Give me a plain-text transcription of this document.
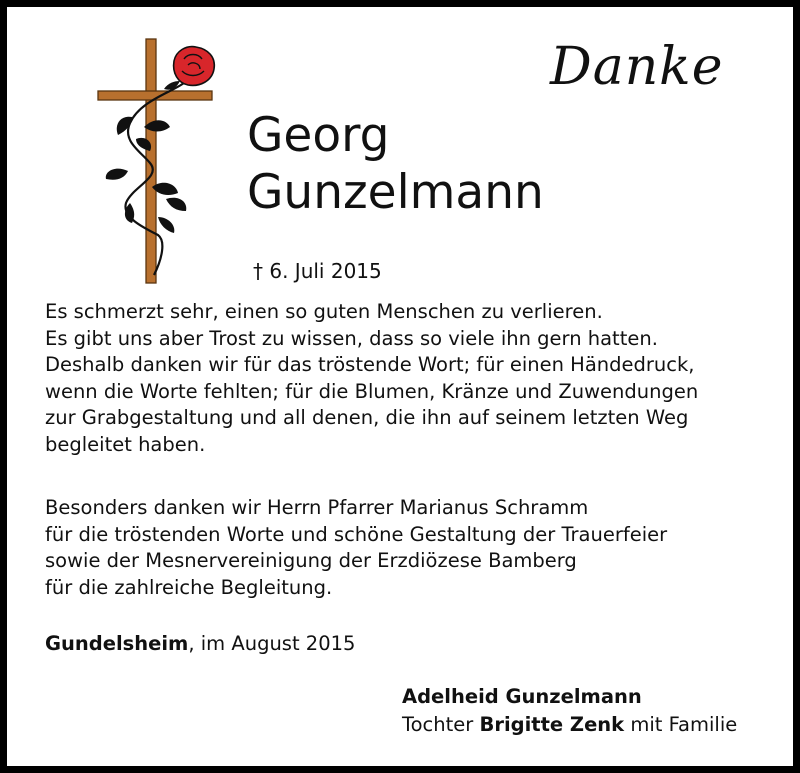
Danke
Georg
Gunzelmann
† 6. Juli 2015
Es schmerzt sehr, einen so guten Menschen zu verlieren.
Es gibt uns aber Trost zu wissen, dass so viele ihn gern hatten.
Deshalb danken wir für das tröstende Wort; für einen Händedruck,
wenn die Worte fehlten; für die Blumen, Kränze und Zuwendungen
zur Grabgestaltung und all denen, die ihn auf seinem letzten Weg
begleitet haben.
Besonders danken wir Herrn Pfarrer Marianus Schramm
für die tröstenden Worte und schöne Gestaltung der Trauerfeier
sowie der Mesnervereinigung der Erzdiözese Bamberg
für die zahlreiche Begleitung.
Gundelsheim, im August 2015
Adelheid Gunzelmann
Tochter Brigitte Zenk mit Familie
